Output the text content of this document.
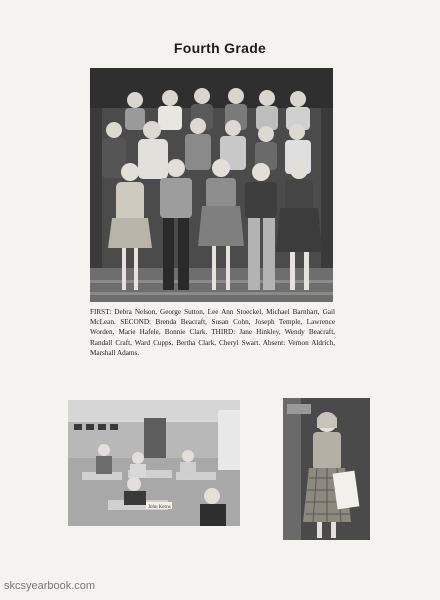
Fourth Grade
FIRST: Debra Nelson, George Sutton, Lee Ann Stoeckel, Michael Barnhart, Gail McLean. SECOND: Brenda Beacraft, Susan Cohn, Joseph Temple, Lawrence Worden, Marie Hafele, Bonnie Clark. THIRD: Jane Hinkley, Wendy Beacraft, Randall Craft, Ward Cupps, Bertha Clark, Cheryl Swart. Absent: Vernon Aldrich, Marshall Adams.
John Kerns
skcsyearbook.com
